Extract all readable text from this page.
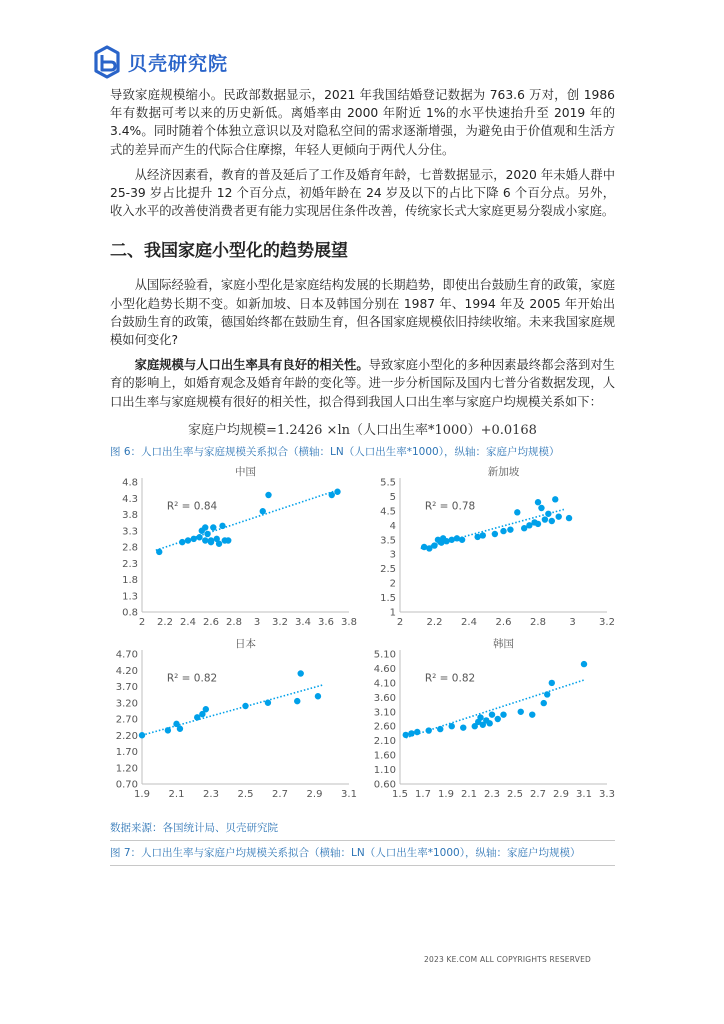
贝壳研究院

导致家庭规模缩小。民政部数据显示，2021 年我国结婚登记数据为 763.6 万对，创 1986 年有数据可考以来的历史新低。离婚率由 2000 年附近 1%的水平快速抬升至 2019 年的 3.4%。同时随着个体独立意识以及对隐私空间的需求逐渐增强，为避免由于价值观和生活方式的差异而产生的代际合住摩擦，年轻人更倾向于两代人分住。

从经济因素看，教育的普及延后了工作及婚育年龄，七普数据显示，2020 年未婚人群中 25-39 岁占比提升 12 个百分点，初婚年龄在 24 岁及以下的占比下降 6 个百分点。另外，收入水平的改善使消费者更有能力实现居住条件改善，传统家长式大家庭更易分裂成小家庭。

二、我国家庭小型化的趋势展望

从国际经验看，家庭小型化是家庭结构发展的长期趋势，即使出台鼓励生育的政策，家庭小型化趋势长期不变。如新加坡、日本及韩国分别在 1987 年、1994 年及 2005 年开始出台鼓励生育的政策，德国始终都在鼓励生育，但各国家庭规模依旧持续收缩。未来我国家庭规模如何变化?

家庭规模与人口出生率具有良好的相关性。导致家庭小型化的多种因素最终都会落到对生育的影响上，如婚育观念及婚育年龄的变化等。进一步分析国际及国内七普分省数据发现，人口出生率与家庭规模有很好的相关性，拟合得到我国人口出生率与家庭户均规模关系如下：

家庭户均规模=1.2426 ×ln（人口出生率*1000）+0.0168

图 6：人口出生率与家庭规模关系拟合（横轴：LN（人口出生率*1000），纵轴：家庭户均规模）

中国
0.8
1.3
1.8
2.3
2.8
3.3
3.8
4.3
4.8
2 2.2 2.4 2.6 2.8 3 3.2 3.4 3.6 3.8
R² = 0.84
新加坡
1
1.5
2
2.5
3
3.5
4
4.5
5
5.5
2 2.2 2.4 2.6 2.8 3 3.2
R² = 0.78
日本
0.70
1.20
1.70
2.20
2.70
3.20
3.70
4.20
4.70
1.9 2.1 2.3 2.5 2.7 2.9 3.1
R² = 0.82
韩国
0.60
1.10
1.60
2.10
2.60
3.10
3.60
4.10
4.60
5.10
1.5 1.7 1.9 2.1 2.3 2.5 2.7 2.9 3.1 3.3
R² = 0.82

数据来源：各国统计局、贝壳研究院

图 7：人口出生率与家庭户均规模关系拟合（横轴：LN（人口出生率*1000），纵轴：家庭户均规模）

2023 KE.COM ALL COPYRIGHTS RESERVED
